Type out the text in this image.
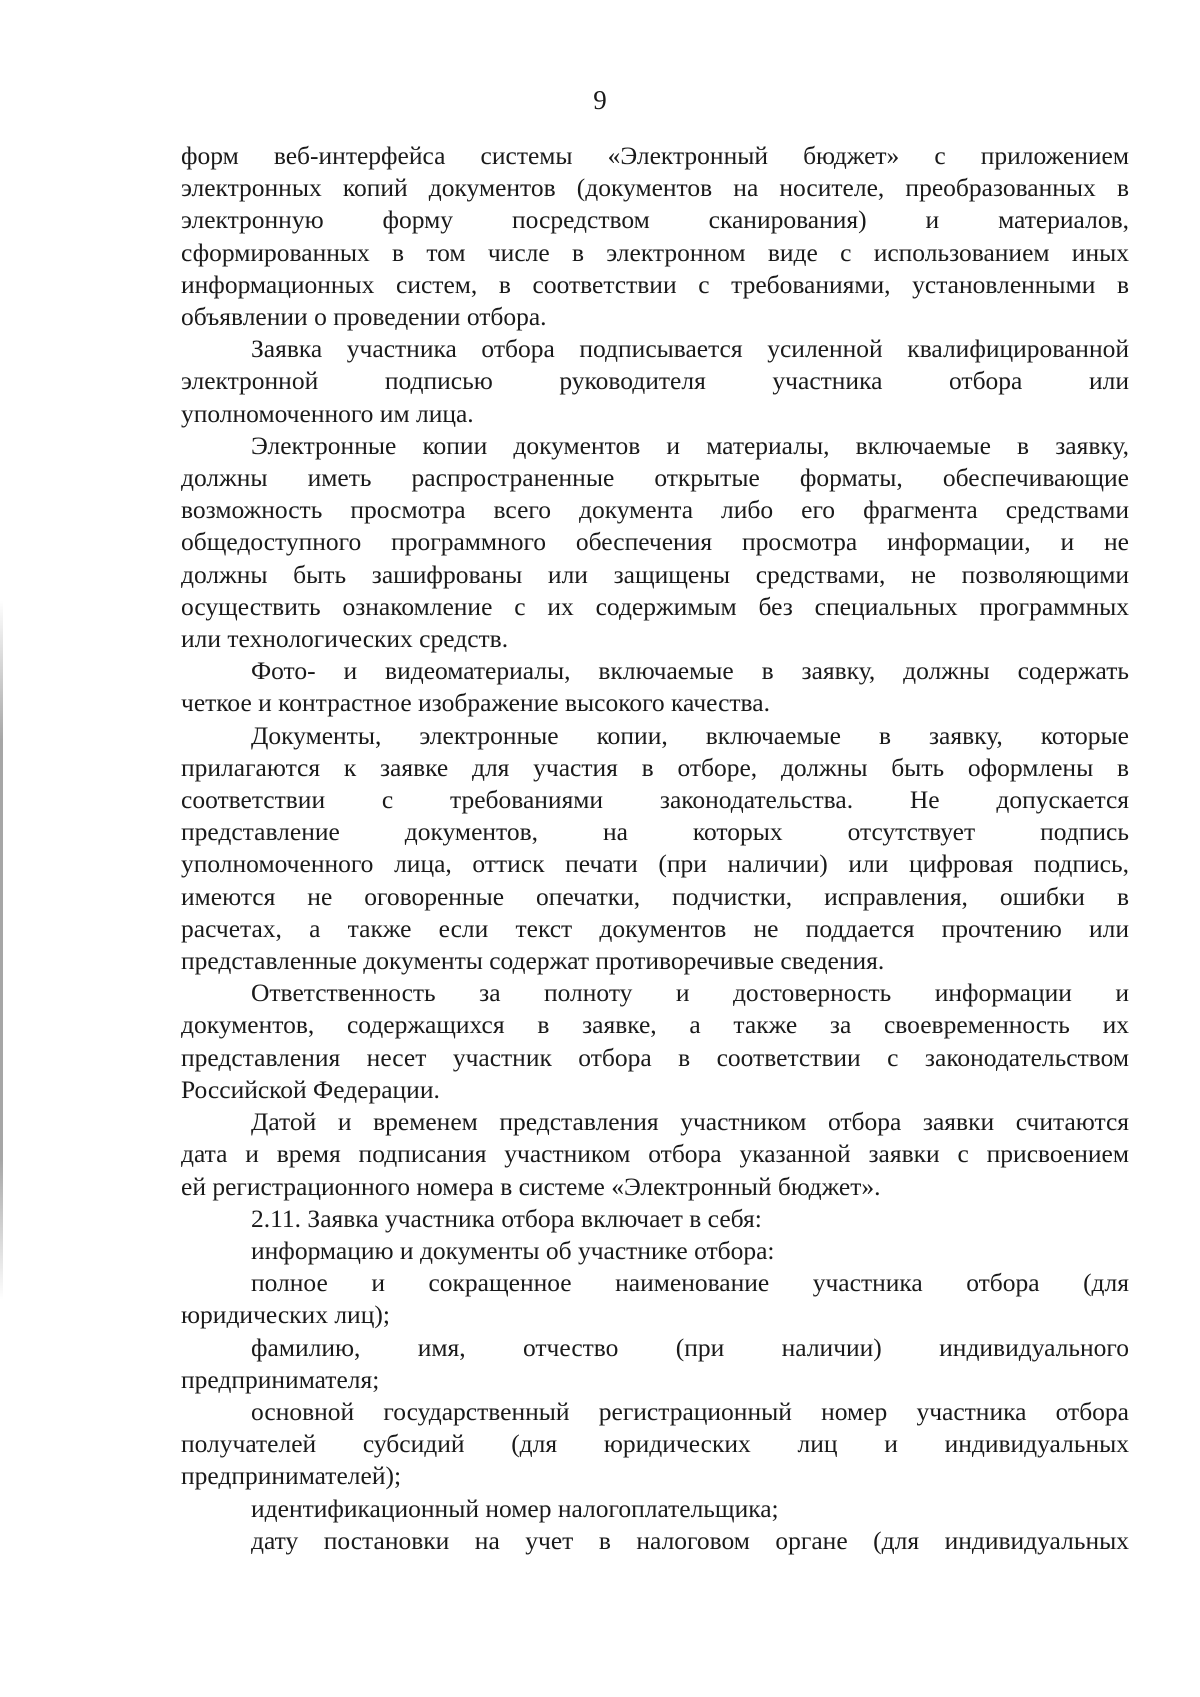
9
форм веб-интерфейса системы «Электронный бюджет» с приложением
электронных копий документов (документов на носителе, преобразованных в
электронную форму посредством сканирования) и материалов,
сформированных в том числе в электронном виде с использованием иных
информационных систем, в соответствии с требованиями, установленными в
объявлении о проведении отбора.
Заявка участника отбора подписывается усиленной квалифицированной
электронной подписью руководителя участника отбора или
уполномоченного им лица.
Электронные копии документов и материалы, включаемые в заявку,
должны иметь распространенные открытые форматы, обеспечивающие
возможность просмотра всего документа либо его фрагмента средствами
общедоступного программного обеспечения просмотра информации, и не
должны быть зашифрованы или защищены средствами, не позволяющими
осуществить ознакомление с их содержимым без специальных программных
или технологических средств.
Фото- и видеоматериалы, включаемые в заявку, должны содержать
четкое и контрастное изображение высокого качества.
Документы, электронные копии, включаемые в заявку, которые
прилагаются к заявке для участия в отборе, должны быть оформлены в
соответствии с требованиями законодательства. Не допускается
представление документов, на которых отсутствует подпись
уполномоченного лица, оттиск печати (при наличии) или цифровая подпись,
имеются не оговоренные опечатки, подчистки, исправления, ошибки в
расчетах, а также если текст документов не поддается прочтению или
представленные документы содержат противоречивые сведения.
Ответственность за полноту и достоверность информации и
документов, содержащихся в заявке, а также за своевременность их
представления несет участник отбора в соответствии с законодательством
Российской Федерации.
Датой и временем представления участником отбора заявки считаются
дата и время подписания участником отбора указанной заявки с присвоением
ей регистрационного номера в системе «Электронный бюджет».
2.11. Заявка участника отбора включает в себя:
информацию и документы об участнике отбора:
полное и сокращенное наименование участника отбора (для
юридических лиц);
фамилию, имя, отчество (при наличии) индивидуального
предпринимателя;
основной государственный регистрационный номер участника отбора
получателей субсидий (для юридических лиц и индивидуальных
предпринимателей);
идентификационный номер налогоплательщика;
дату постановки на учет в налоговом органе (для индивидуальных
